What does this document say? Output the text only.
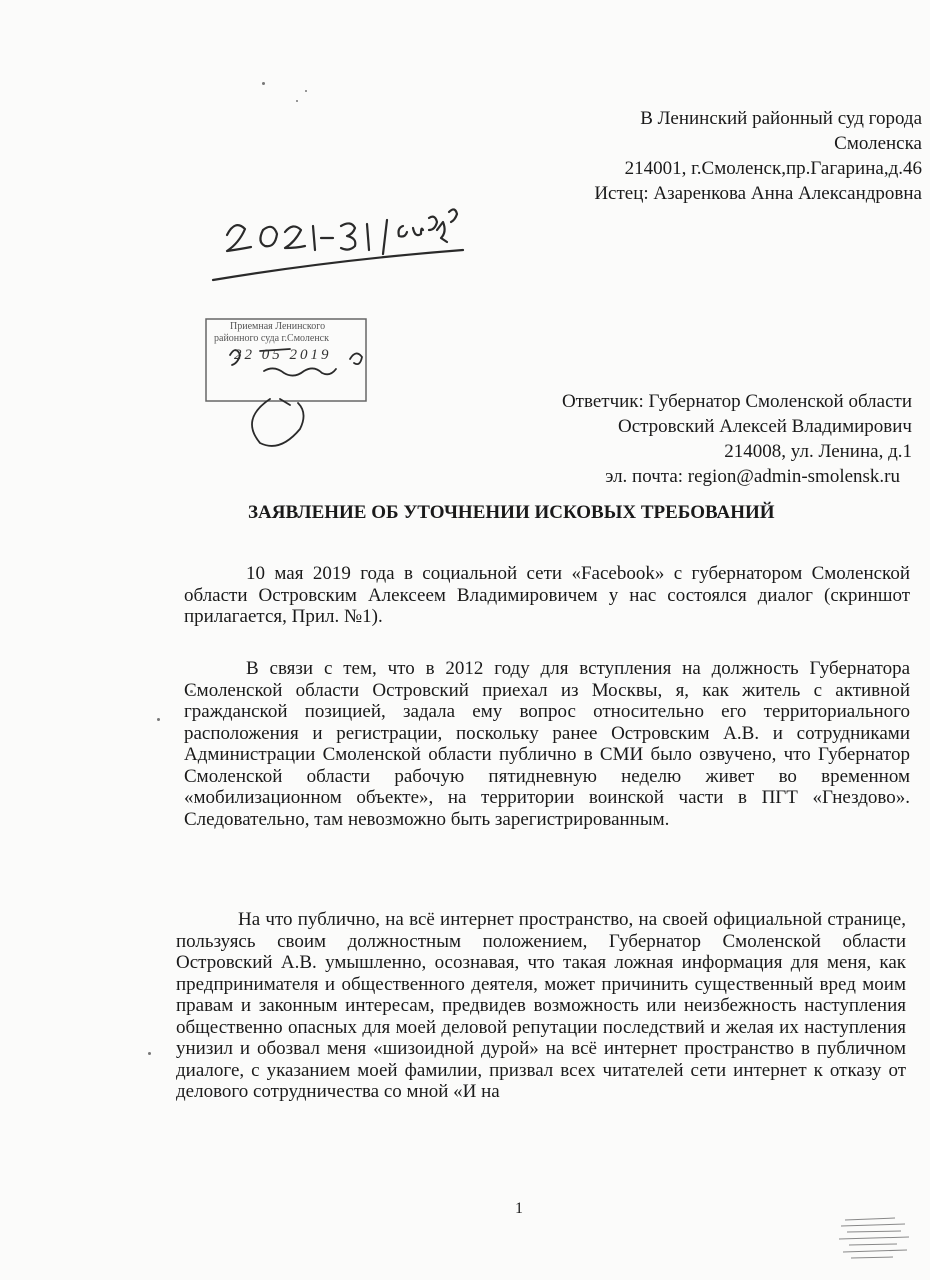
В Ленинский районный суд города
Смоленска
214001, г.Смоленск,пр.Гагарина,д.46
Истец: Азаренкова Анна Александровна
Приемная Ленинского
районного суда г.Смоленск
22 05 2019
Ответчик: Губернатор Смоленской области
Островский Алексей Владимирович
214008, ул. Ленина, д.1
эл. почта: region@admin-smolensk.ru
ЗАЯВЛЕНИЕ ОБ УТОЧНЕНИИ ИСКОВЫХ ТРЕБОВАНИЙ
10 мая 2019 года в социальной сети «Facebook» с губернатором Смоленской области Островским Алексеем Владимировичем у нас состоялся диалог (скриншот прилагается, Прил. №1).
В связи с тем, что в 2012 году для вступления на должность Губернатора Смоленской области Островский приехал из Москвы, я, как житель с активной гражданской позицией, задала ему вопрос относительно его территориального расположения и регистрации, поскольку ранее Островским А.В. и сотрудниками Администрации Смоленской области публично в СМИ было озвучено, что Губернатор Смоленской области рабочую пятидневную неделю живет во временном «мобилизационном объекте», на территории воинской части в ПГТ «Гнездово». Следовательно, там невозможно быть зарегистрированным.
На что публично, на всё интернет пространство, на своей официальной странице, пользуясь своим должностным положением, Губернатор Смоленской области Островский А.В. умышленно, осознавая, что такая ложная информация для меня, как предпринимателя и общественного деятеля, может причинить существенный вред моим правам и законным интересам, предвидев возможность или неизбежность наступления общественно опасных для моей деловой репутации последствий и желая их наступления унизил и обозвал меня «шизоидной дурой» на всё интернет пространство в публичном диалоге, с указанием моей фамилии, призвал всех читателей сети интернет к отказу от делового сотрудничества со мной «И на
1
